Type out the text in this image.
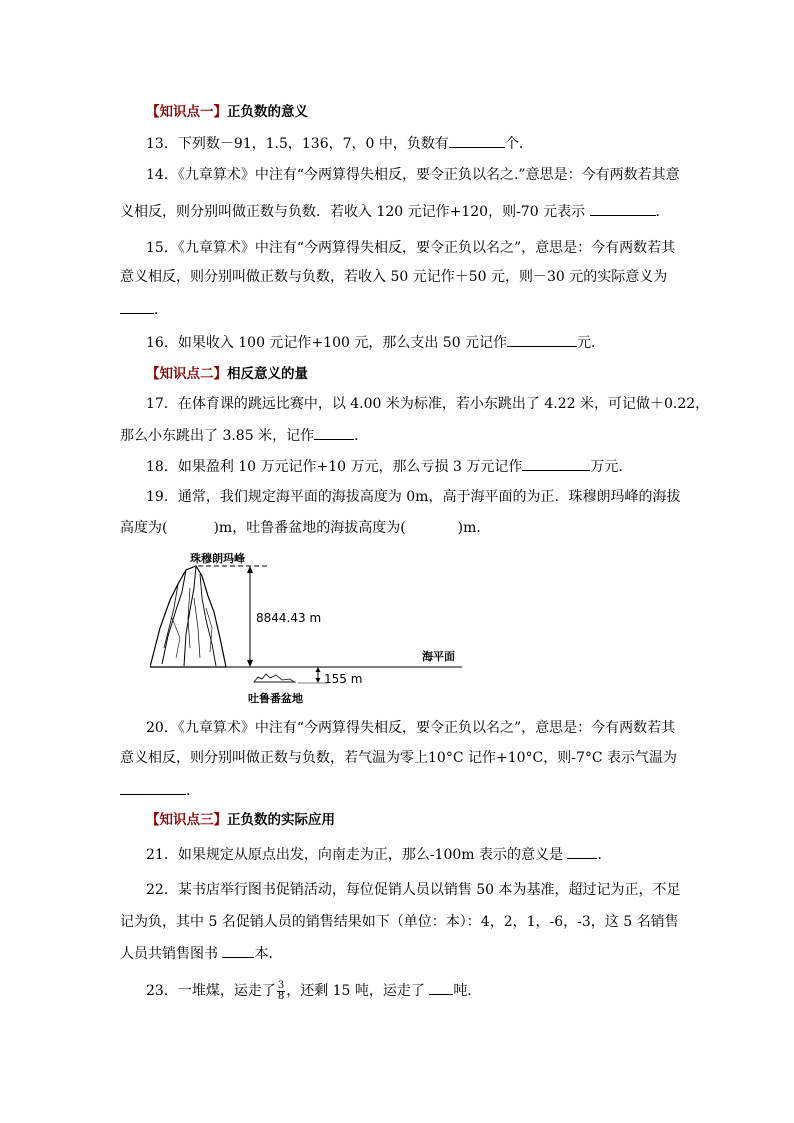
【知识点一】正负数的意义
13．下列数－91，1.5，136，7，0 中，负数有	个．
14．《九章算术》中注有“今两算得失相反，要令正负以名之.”意思是：今有两数若其意
义相反，则分别叫做正数与负数．若收入 120 元记作+120，则-70 元表示	．
15．《九章算术》中注有“今两算得失相反，要令正负以名之”，意思是：今有两数若其
意义相反，则分别叫做正数与负数，若收入 50 元记作＋50 元，则－30 元的实际意义为
．
16．如果收入 100 元记作+100 元，那么支出 50 元记作	元．
【知识点二】相反意义的量
17．在体育课的跳远比赛中，以 4.00 米为标准，若小东跳出了 4.22 米，可记做＋0.22，
那么小东跳出了 3.85 米，记作	．
18．如果盈利 10 万元记作+10 万元，那么亏损 3 万元记作	万元．
19．通常，我们规定海平面的海拔高度为 0m，高于海平面的为正．珠穆朗玛峰的海拔
高度为(	)m，吐鲁番盆地的海拔高度为(	)m．
珠穆朗玛峰
8844.43 m
海平面
155 m
吐鲁番盆地
20．《九章算术》中注有“今两算得失相反，要令正负以名之”，意思是：今有两数若其
意义相反，则分别叫做正数与负数，若气温为零上10°C 记作+10°C，则-7°C 表示气温为
．
【知识点三】正负数的实际应用
21．如果规定从原点出发，向南走为正，那么-100m 表示的意义是 ．
22．某书店举行图书促销活动，每位促销人员以销售 50 本为基准，超过记为正，不足
记为负，其中 5 名促销人员的销售结果如下（单位：本）：4，2，1，-6，-3，这 5 名销售
人员共销售图书	本．
23．一堆煤，运走了 $\frac{3}{8}$ ，还剩 15 吨，运走了 吨．
